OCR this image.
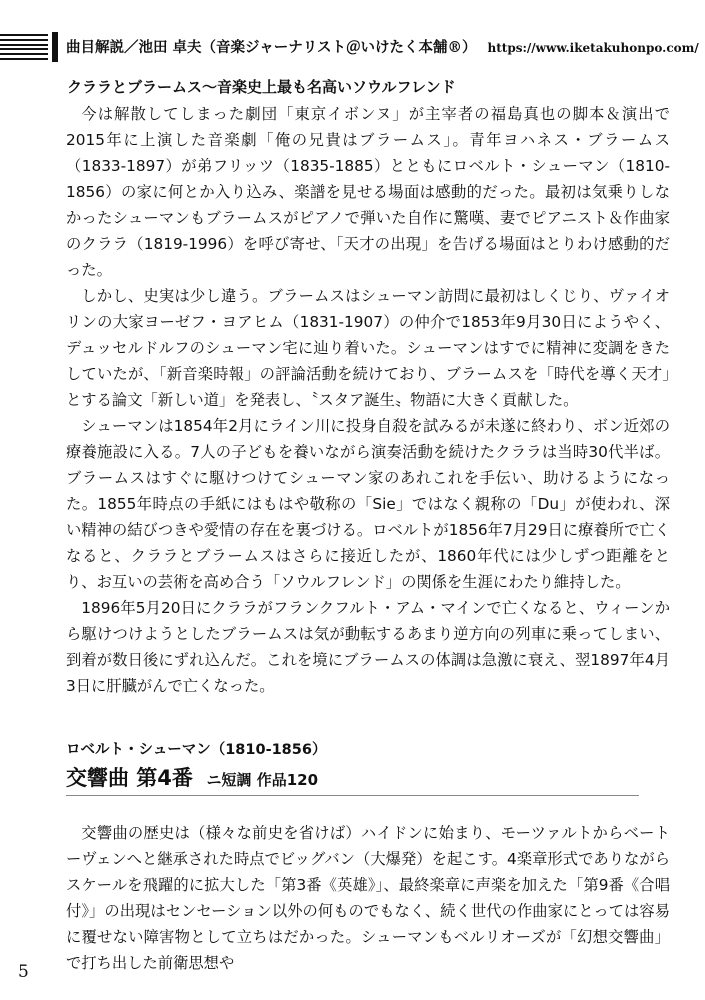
曲目解説／池田 卓夫（音楽ジャーナリスト＠いけたく本舗®） https://www.iketakuhonpo.com/
クララとブラームス～音楽史上最も名高いソウルフレンド

今は解散してしまった劇団「東京イボンヌ」が主宰者の福島真也の脚本＆演出で2015年に上演した音楽劇「俺の兄貴はブラームス」。青年ヨハネス・ブラームス（1833-1897）が弟フリッツ（1835-1885）とともにロベルト・シューマン（1810-1856）の家に何とか入り込み、楽譜を見せる場面は感動的だった。最初は気乗りしなかったシューマンもブラームスがピアノで弾いた自作に驚嘆、妻でピアニスト＆作曲家のクララ（1819-1996）を呼び寄せ、「天才の出現」を告げる場面はとりわけ感動的だった。

しかし、史実は少し違う。ブラームスはシューマン訪問に最初はしくじり、ヴァイオリンの大家ヨーゼフ・ヨアヒム（1831-1907）の仲介で1853年9月30日にようやく、デュッセルドルフのシューマン宅に辿り着いた。シューマンはすでに精神に変調をきたしていたが、「新音楽時報」の評論活動を続けており、ブラームスを「時代を導く天才」とする論文「新しい道」を発表し、〝スタア誕生〟物語に大きく貢献した。

シューマンは1854年2月にライン川に投身自殺を試みるが未遂に終わり、ボン近郊の療養施設に入る。7人の子どもを養いながら演奏活動を続けたクララは当時30代半ば。ブラームスはすぐに駆けつけてシューマン家のあれこれを手伝い、助けるようになった。1855年時点の手紙にはもはや敬称の「Sie」ではなく親称の「Du」が使われ、深い精神の結びつきや愛情の存在を裏づける。ロベルトが1856年7月29日に療養所で亡くなると、クララとブラームスはさらに接近したが、1860年代には少しずつ距離をとり、お互いの芸術を高め合う「ソウルフレンド」の関係を生涯にわたり維持した。

1896年5月20日にクララがフランクフルト・アム・マインで亡くなると、ウィーンから駆けつけようとしたブラームスは気が動転するあまり逆方向の列車に乗ってしまい、到着が数日後にずれ込んだ。これを境にブラームスの体調は急激に衰え、翌1897年4月3日に肝臓がんで亡くなった。

ロベルト・シューマン（1810-1856）
交響曲 第4番 ニ短調 作品120

交響曲の歴史は（様々な前史を省けば）ハイドンに始まり、モーツァルトからベートーヴェンへと継承された時点でビッグバン（大爆発）を起こす。4楽章形式でありながらスケールを飛躍的に拡大した「第3番《英雄》」、最終楽章に声楽を加えた「第9番《合唱付》」の出現はセンセーション以外の何ものでもなく、続く世代の作曲家にとっては容易に覆せない障害物として立ちはだかった。シューマンもベルリオーズが「幻想交響曲」で打ち出した前衛思想や

5
